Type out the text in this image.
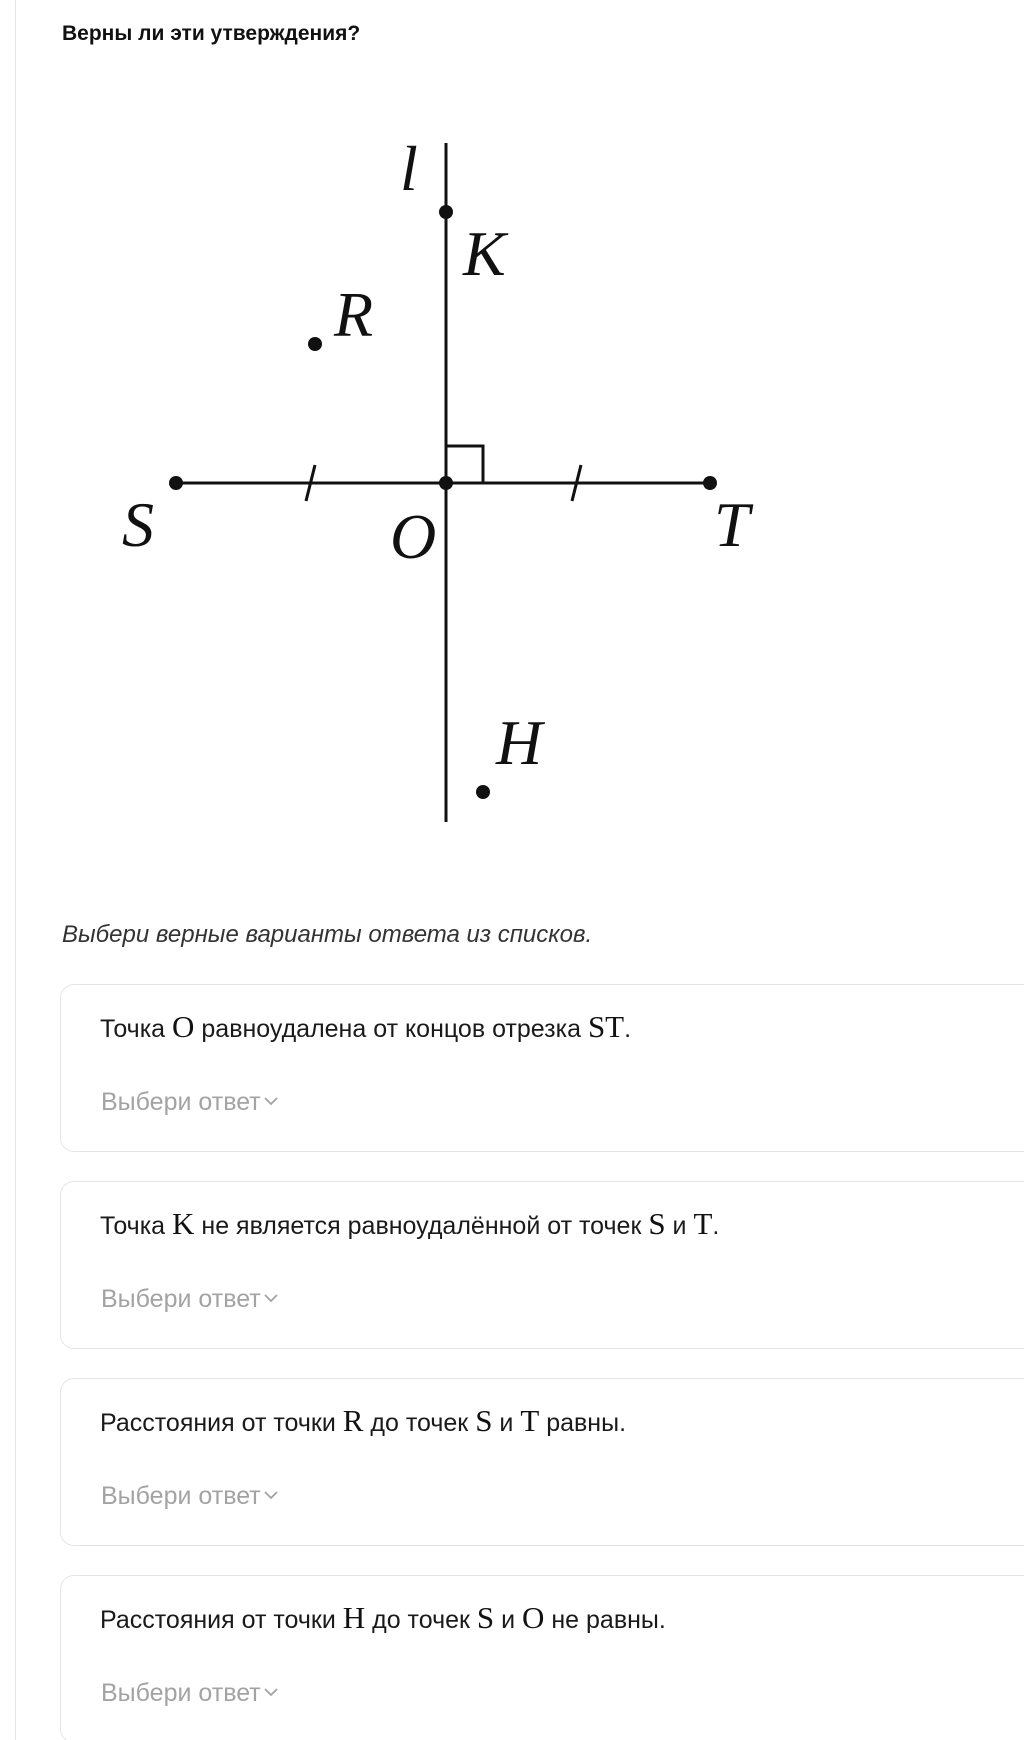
Верны ли эти утверждения?
l
K
R
S	O	T
H
Выбери верные варианты ответа из списков.
Точка O равноудалена от концов отрезка ST.
Выбери ответ
Точка K не является равноудалённой от точек S и T.
Выбери ответ
Расстояния от точки R до точек S и T равны.
Выбери ответ
Расстояния от точки H до точек S и O не равны.
Выбери ответ
